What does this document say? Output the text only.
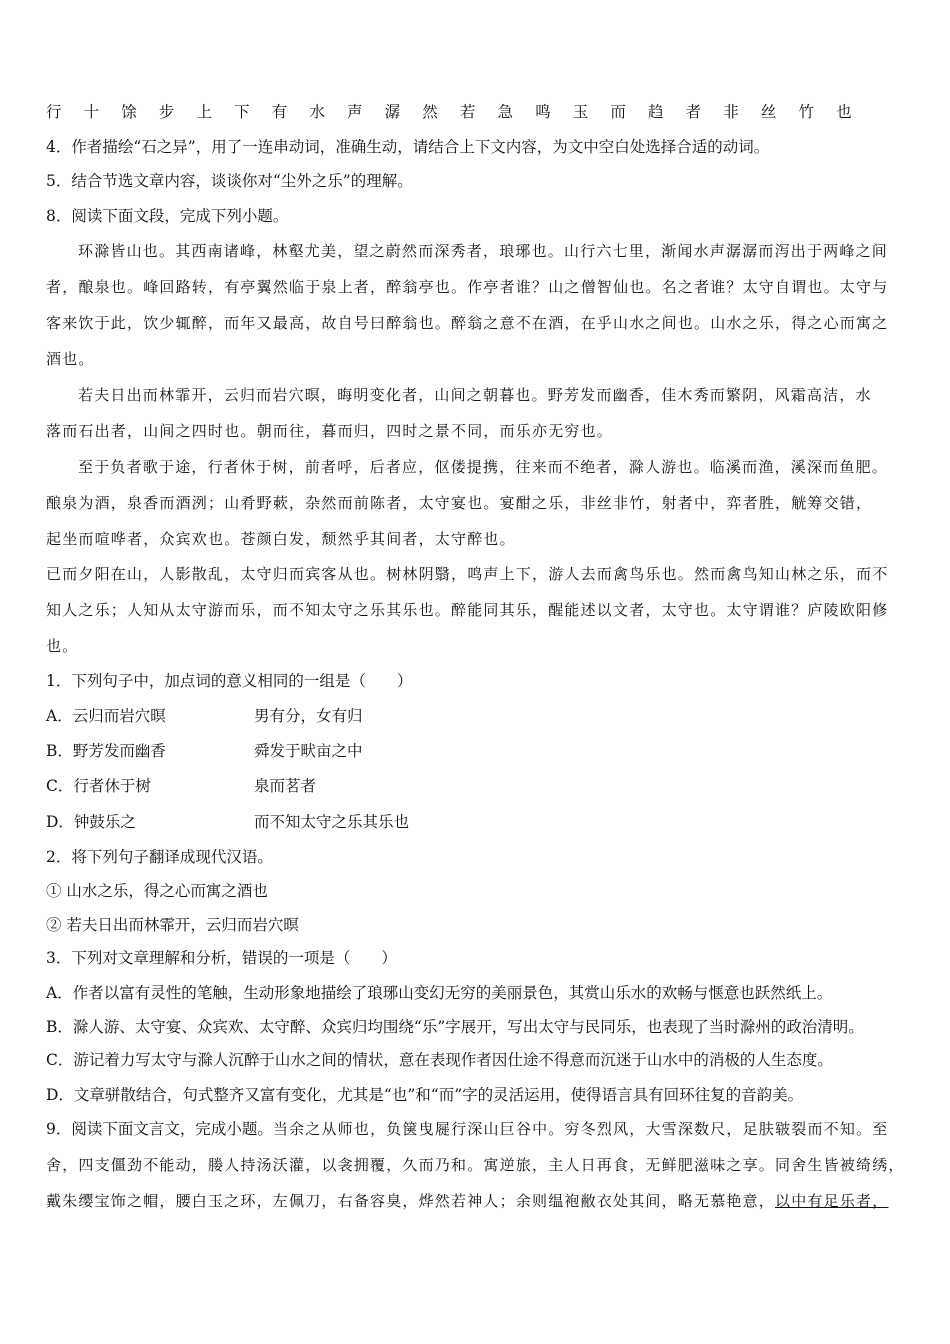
行 十 馀 步 上 下 有 水 声 潺 然 若 急 鸣 玉 而 趋 者 非 丝 竹 也
4．作者描绘“石之异”，用了一连串动词，准确生动，请结合上下文内容，为文中空白处选择合适的动词。
5．结合节选文章内容，谈谈你对“尘外之乐”的理解。
8．阅读下面文段，完成下列小题。
环滁皆山也。其西南诸峰，林壑尤美，望之蔚然而深秀者，琅琊也。山行六七里，渐闻水声潺潺而泻出于两峰之间
者，酿泉也。峰回路转，有亭翼然临于泉上者，醉翁亭也。作亭者谁？山之僧智仙也。名之者谁？太守自谓也。太守与
客来饮于此，饮少辄醉，而年又最高，故自号曰醉翁也。醉翁之意不在酒，在乎山水之间也。山水之乐，得之心而寓之
酒也。
若夫日出而林霏开，云归而岩穴暝，晦明变化者，山间之朝暮也。野芳发而幽香，佳木秀而繁阴，风霜高洁，水
落而石出者，山间之四时也。朝而往，暮而归，四时之景不同，而乐亦无穷也。
至于负者歌于途，行者休于树，前者呼，后者应，伛偻提携，往来而不绝者，滁人游也。临溪而渔，溪深而鱼肥。
酿泉为酒，泉香而酒洌；山肴野蔌，杂然而前陈者，太守宴也。宴酣之乐，非丝非竹，射者中，弈者胜，觥筹交错，
起坐而喧哗者，众宾欢也。苍颜白发，颓然乎其间者，太守醉也。
已而夕阳在山，人影散乱，太守归而宾客从也。树林阴翳，鸣声上下，游人去而禽鸟乐也。然而禽鸟知山林之乐，而不
知人之乐；人知从太守游而乐，而不知太守之乐其乐也。醉能同其乐，醒能述以文者，太守也。太守谓谁？庐陵欧阳修
也。
1．下列句子中，加点词的意义相同的一组是（　　）
A．云归而岩穴暝	男有分，女有归
B．野芳发而幽香	舜发于畎亩之中
C．行者休于树	泉而茗者
D．钟鼓乐之	而不知太守之乐其乐也
2．将下列句子翻译成现代汉语。
① 山水之乐，得之心而寓之酒也
② 若夫日出而林霏开，云归而岩穴暝
3．下列对文章理解和分析，错误的一项是（　　）
A．作者以富有灵性的笔触，生动形象地描绘了琅琊山变幻无穷的美丽景色，其赏山乐水的欢畅与惬意也跃然纸上。
B．滁人游、太守宴、众宾欢、太守醉、众宾归均围绕“乐”字展开，写出太守与民同乐，也表现了当时滁州的政治清明。
C．游记着力写太守与滁人沉醉于山水之间的情状，意在表现作者因仕途不得意而沉迷于山水中的消极的人生态度。
D．文章骈散结合，句式整齐又富有变化，尤其是“也”和“而”字的灵活运用，使得语言具有回环往复的音韵美。
9．阅读下面文言文，完成小题。当余之从师也，负箧曳屣行深山巨谷中。穷冬烈风，大雪深数尺，足肤皲裂而不知。至
舍，四支僵劲不能动，媵人持汤沃灌，以衾拥覆，久而乃和。寓逆旅，主人日再食，无鲜肥滋味之享。同舍生皆被绮绣，
戴朱缨宝饰之帽，腰白玉之环，左佩刀，右备容臭，烨然若神人；余则缊袍敝衣处其间，略无慕艳意，以中有足乐者，
